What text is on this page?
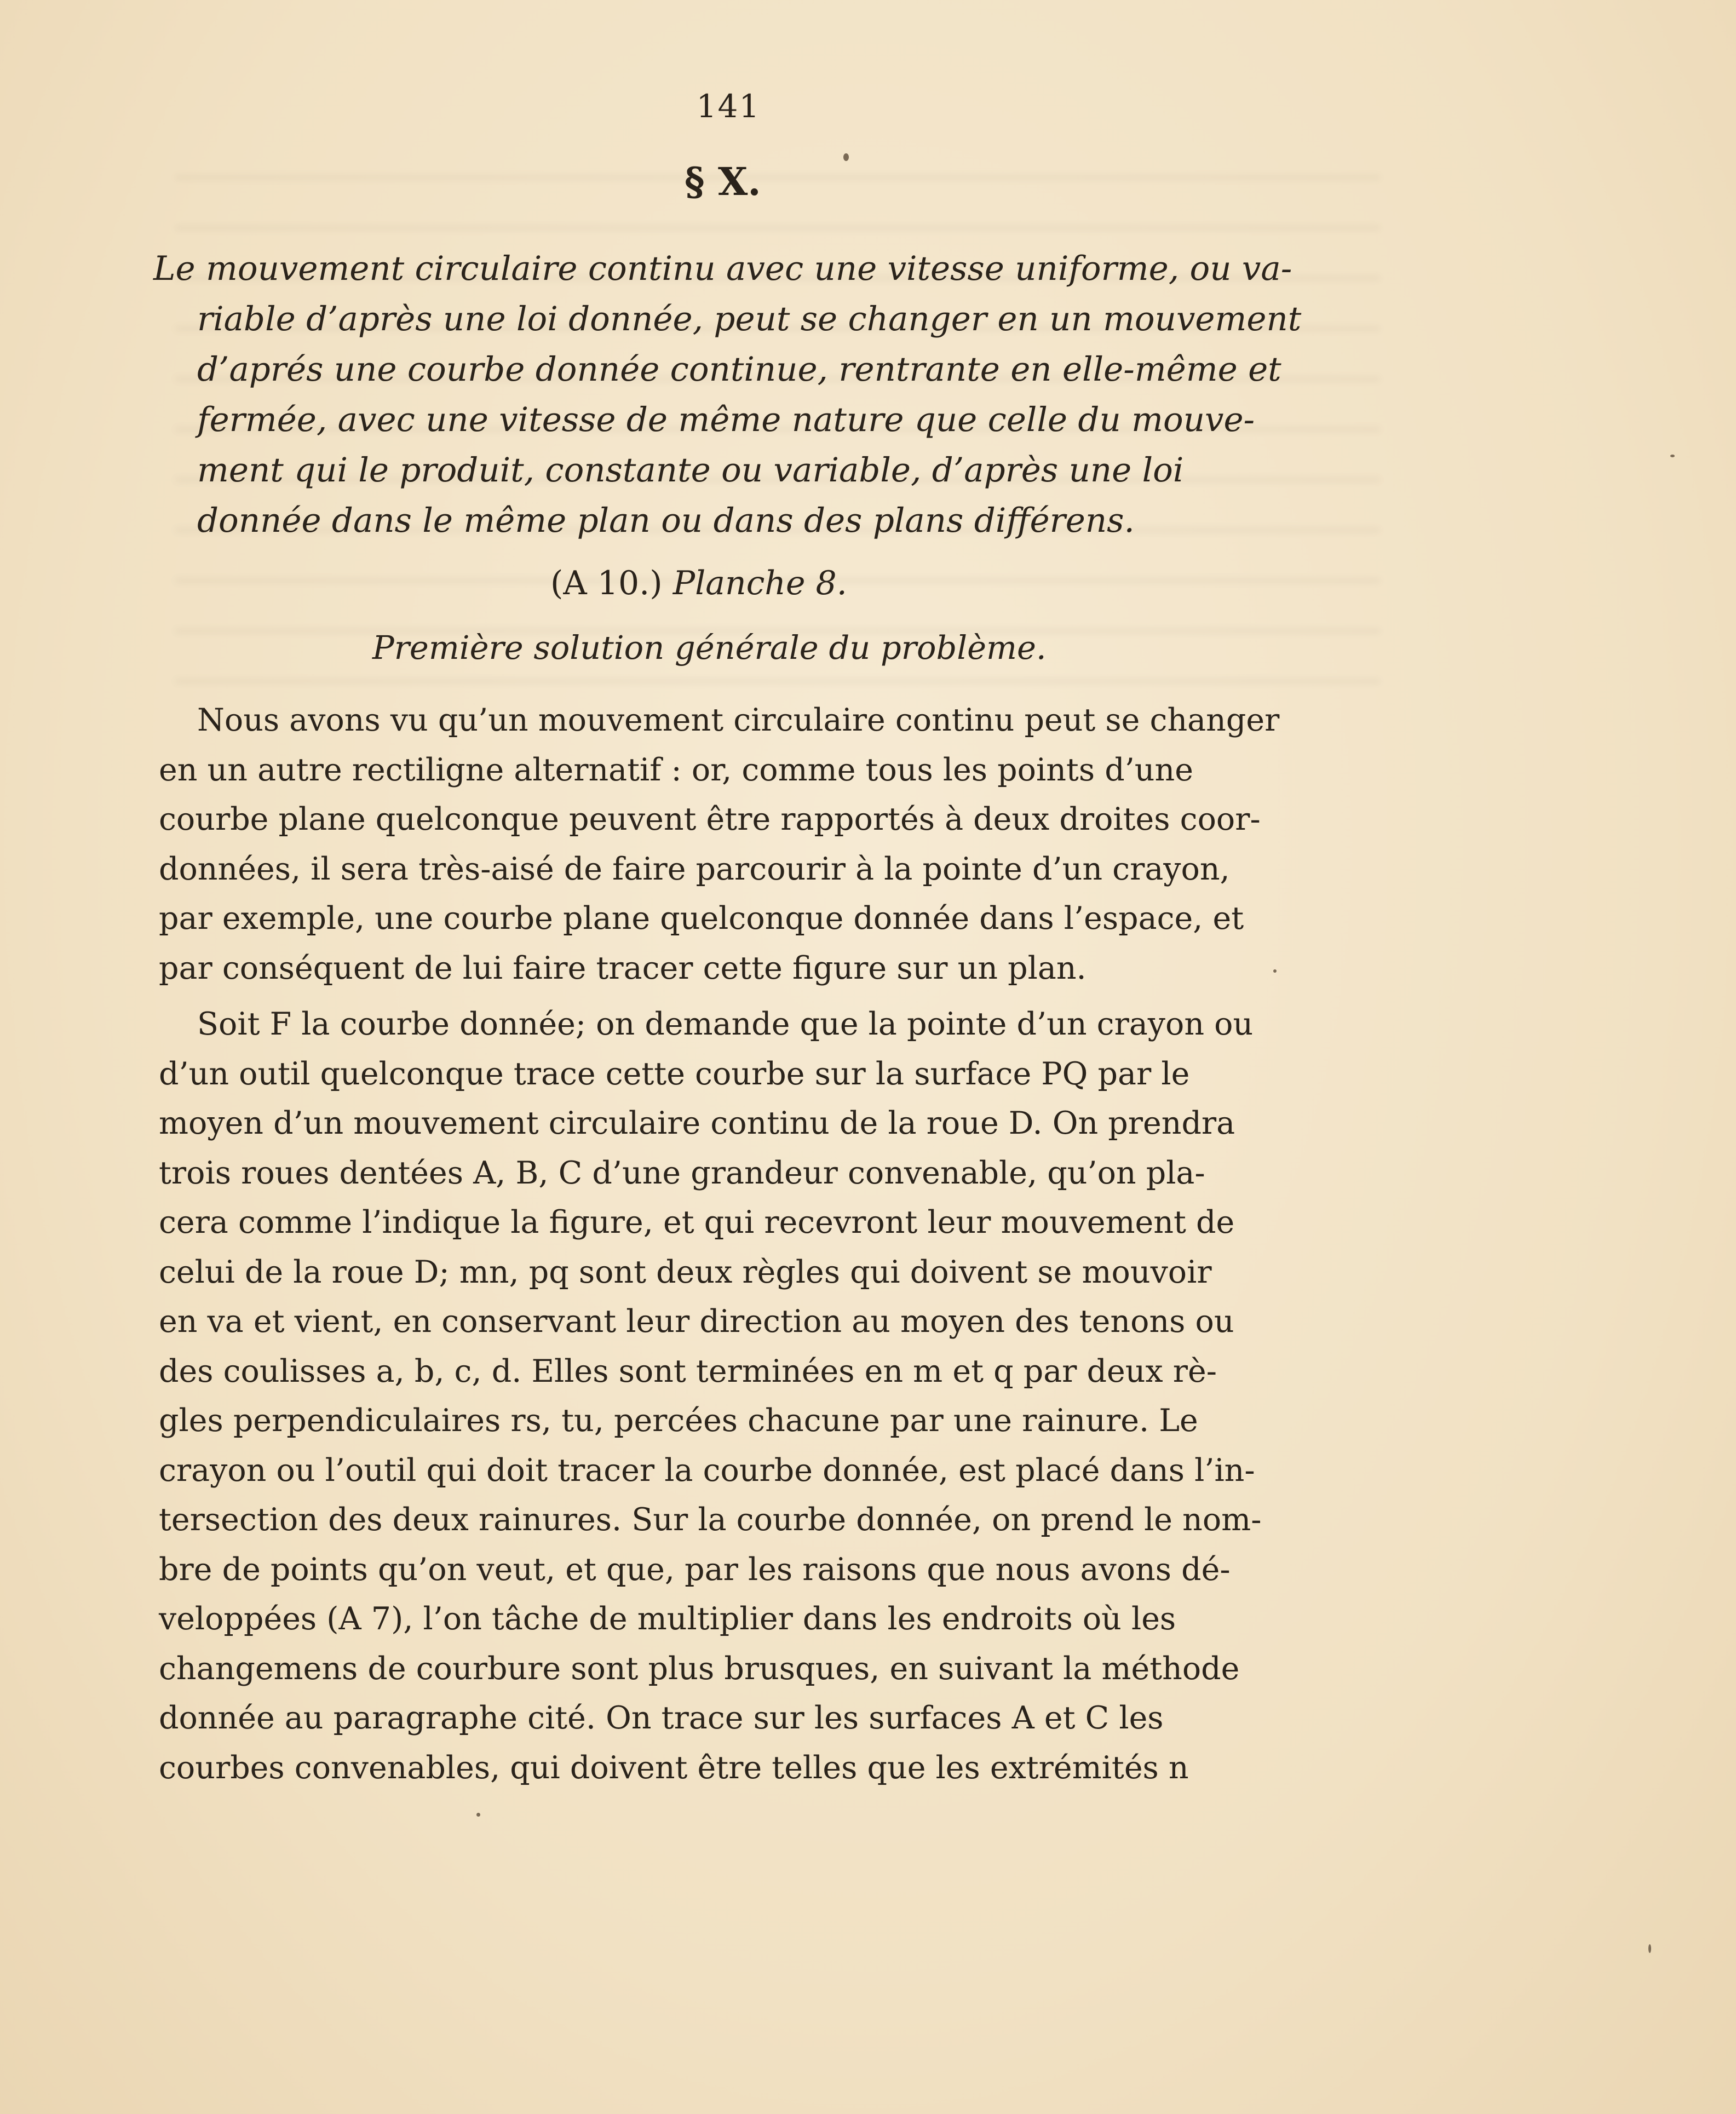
141
§ X.
Le mouvement circulaire continu avec une vitesse uniforme, ou va-
riable d’après une loi donnée, peut se changer en un mouvement
d’aprés une courbe donnée continue, rentrante en elle-même et
fermée, avec une vitesse de même nature que celle du mouve-
ment qui le produit, constante ou variable, d’après une loi
donnée dans le même plan ou dans des plans différens.
(A 10.) Planche 8.
Première solution générale du problème.
Nous avons vu qu’un mouvement circulaire continu peut se changer
en un autre rectiligne alternatif : or, comme tous les points d’une
courbe plane quelconque peuvent être rapportés à deux droites coor-
données, il sera très-aisé de faire parcourir à la pointe d’un crayon,
par exemple, une courbe plane quelconque donnée dans l’espace, et
par conséquent de lui faire tracer cette figure sur un plan.
Soit F la courbe donnée; on demande que la pointe d’un crayon ou
d’un outil quelconque trace cette courbe sur la surface PQ par le
moyen d’un mouvement circulaire continu de la roue D. On prendra
trois roues dentées A, B, C d’une grandeur convenable, qu’on pla-
cera comme l’indique la figure, et qui recevront leur mouvement de
celui de la roue D; mn, pq sont deux règles qui doivent se mouvoir
en va et vient, en conservant leur direction au moyen des tenons ou
des coulisses a, b, c, d. Elles sont terminées en m et q par deux rè-
gles perpendiculaires rs, tu, percées chacune par une rainure. Le
crayon ou l’outil qui doit tracer la courbe donnée, est placé dans l’in-
tersection des deux rainures. Sur la courbe donnée, on prend le nom-
bre de points qu’on veut, et que, par les raisons que nous avons dé-
veloppées (A 7), l’on tâche de multiplier dans les endroits où les
changemens de courbure sont plus brusques, en suivant la méthode
donnée au paragraphe cité. On trace sur les surfaces A et C les
courbes convenables, qui doivent être telles que les extrémités n
